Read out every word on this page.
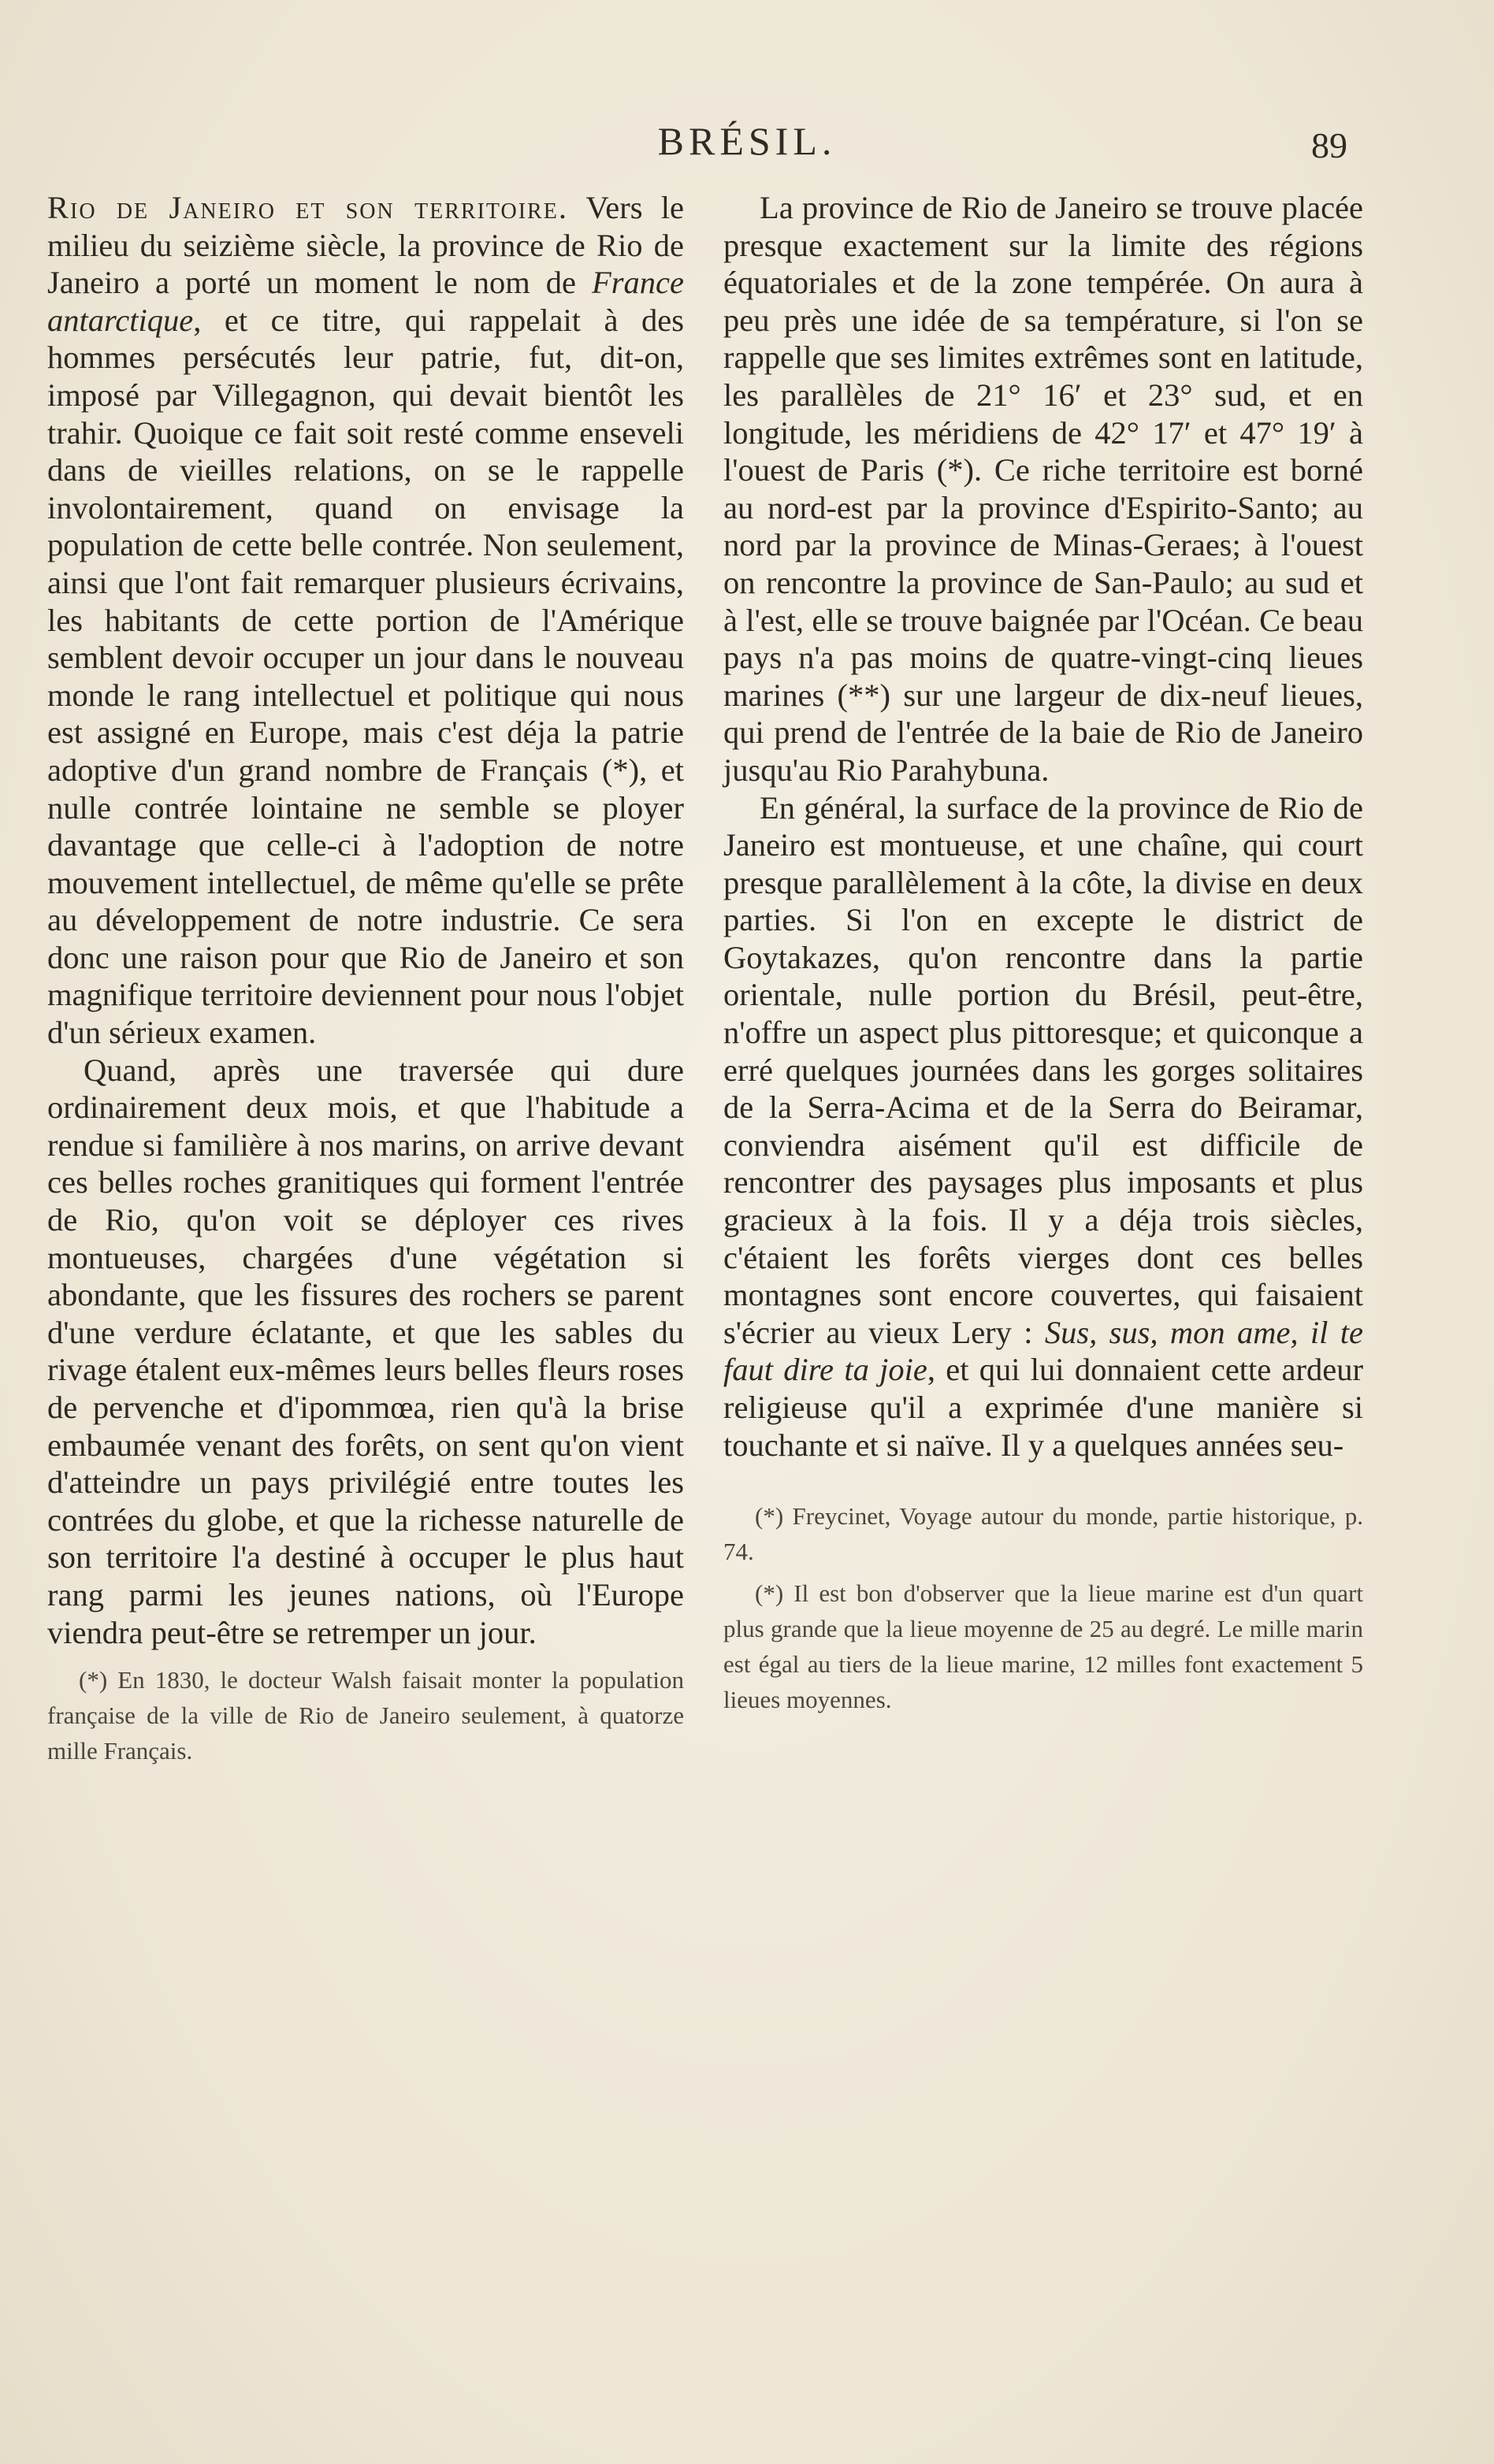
BRÉSIL.	89

Rio de Janeiro et son territoire. Vers le milieu du seizième siècle, la province de Rio de Janeiro a porté un moment le nom de France antarctique, et ce titre, qui rappelait à des hommes persécutés leur patrie, fut, dit-on, imposé par Villegagnon, qui devait bientôt les trahir. Quoique ce fait soit resté comme enseveli dans de vieilles relations, on se le rappelle involontairement, quand on envisage la population de cette belle contrée. Non seulement, ainsi que l'ont fait remarquer plusieurs écrivains, les habitants de cette portion de l'Amérique semblent devoir occuper un jour dans le nouveau monde le rang intellectuel et politique qui nous est assigné en Europe, mais c'est déja la patrie adoptive d'un grand nombre de Français (*), et nulle contrée lointaine ne semble se ployer davantage que celle-ci à l'adoption de notre mouvement intellectuel, de même qu'elle se prête au développement de notre industrie. Ce sera donc une raison pour que Rio de Janeiro et son magnifique territoire deviennent pour nous l'objet d'un sérieux examen.

Quand, après une traversée qui dure ordinairement deux mois, et que l'habitude a rendue si familière à nos marins, on arrive devant ces belles roches granitiques qui forment l'entrée de Rio, qu'on voit se déployer ces rives montueuses, chargées d'une végétation si abondante, que les fissures des rochers se parent d'une verdure éclatante, et que les sables du rivage étalent eux-mêmes leurs belles fleurs roses de pervenche et d'ipommœa, rien qu'à la brise embaumée venant des forêts, on sent qu'on vient d'atteindre un pays privilégié entre toutes les contrées du globe, et que la richesse naturelle de son territoire l'a destiné à occuper le plus haut rang parmi les jeunes nations, où l'Europe viendra peut-être se retremper un jour.

(*) En 1830, le docteur Walsh faisait monter la population française de la ville de Rio de Janeiro seulement, à quatorze mille Français.

La province de Rio de Janeiro se trouve placée presque exactement sur la limite des régions équatoriales et de la zone tempérée. On aura à peu près une idée de sa température, si l'on se rappelle que ses limites extrêmes sont en latitude, les parallèles de 21° 16′ et 23° sud, et en longitude, les méridiens de 42° 17′ et 47° 19′ à l'ouest de Paris (*). Ce riche territoire est borné au nord-est par la province d'Espirito-Santo; au nord par la province de Minas-Geraes; à l'ouest on rencontre la province de San-Paulo; au sud et à l'est, elle se trouve baignée par l'Océan. Ce beau pays n'a pas moins de quatre-vingt-cinq lieues marines (**) sur une largeur de dix-neuf lieues, qui prend de l'entrée de la baie de Rio de Janeiro jusqu'au Rio Parahybuna.

En général, la surface de la province de Rio de Janeiro est montueuse, et une chaîne, qui court presque parallèlement à la côte, la divise en deux parties. Si l'on en excepte le district de Goytakazes, qu'on rencontre dans la partie orientale, nulle portion du Brésil, peut-être, n'offre un aspect plus pittoresque; et quiconque a erré quelques journées dans les gorges solitaires de la Serra-Acima et de la Serra do Beiramar, conviendra aisément qu'il est difficile de rencontrer des paysages plus imposants et plus gracieux à la fois. Il y a déja trois siècles, c'étaient les forêts vierges dont ces belles montagnes sont encore couvertes, qui faisaient s'écrier au vieux Lery : Sus, sus, mon ame, il te faut dire ta joie, et qui lui donnaient cette ardeur religieuse qu'il a exprimée d'une manière si touchante et si naïve. Il y a quelques années seu-

(*) Freycinet, Voyage autour du monde, partie historique, p. 74.

(*) Il est bon d'observer que la lieue marine est d'un quart plus grande que la lieue moyenne de 25 au degré. Le mille marin est égal au tiers de la lieue marine, 12 milles font exactement 5 lieues moyennes.
